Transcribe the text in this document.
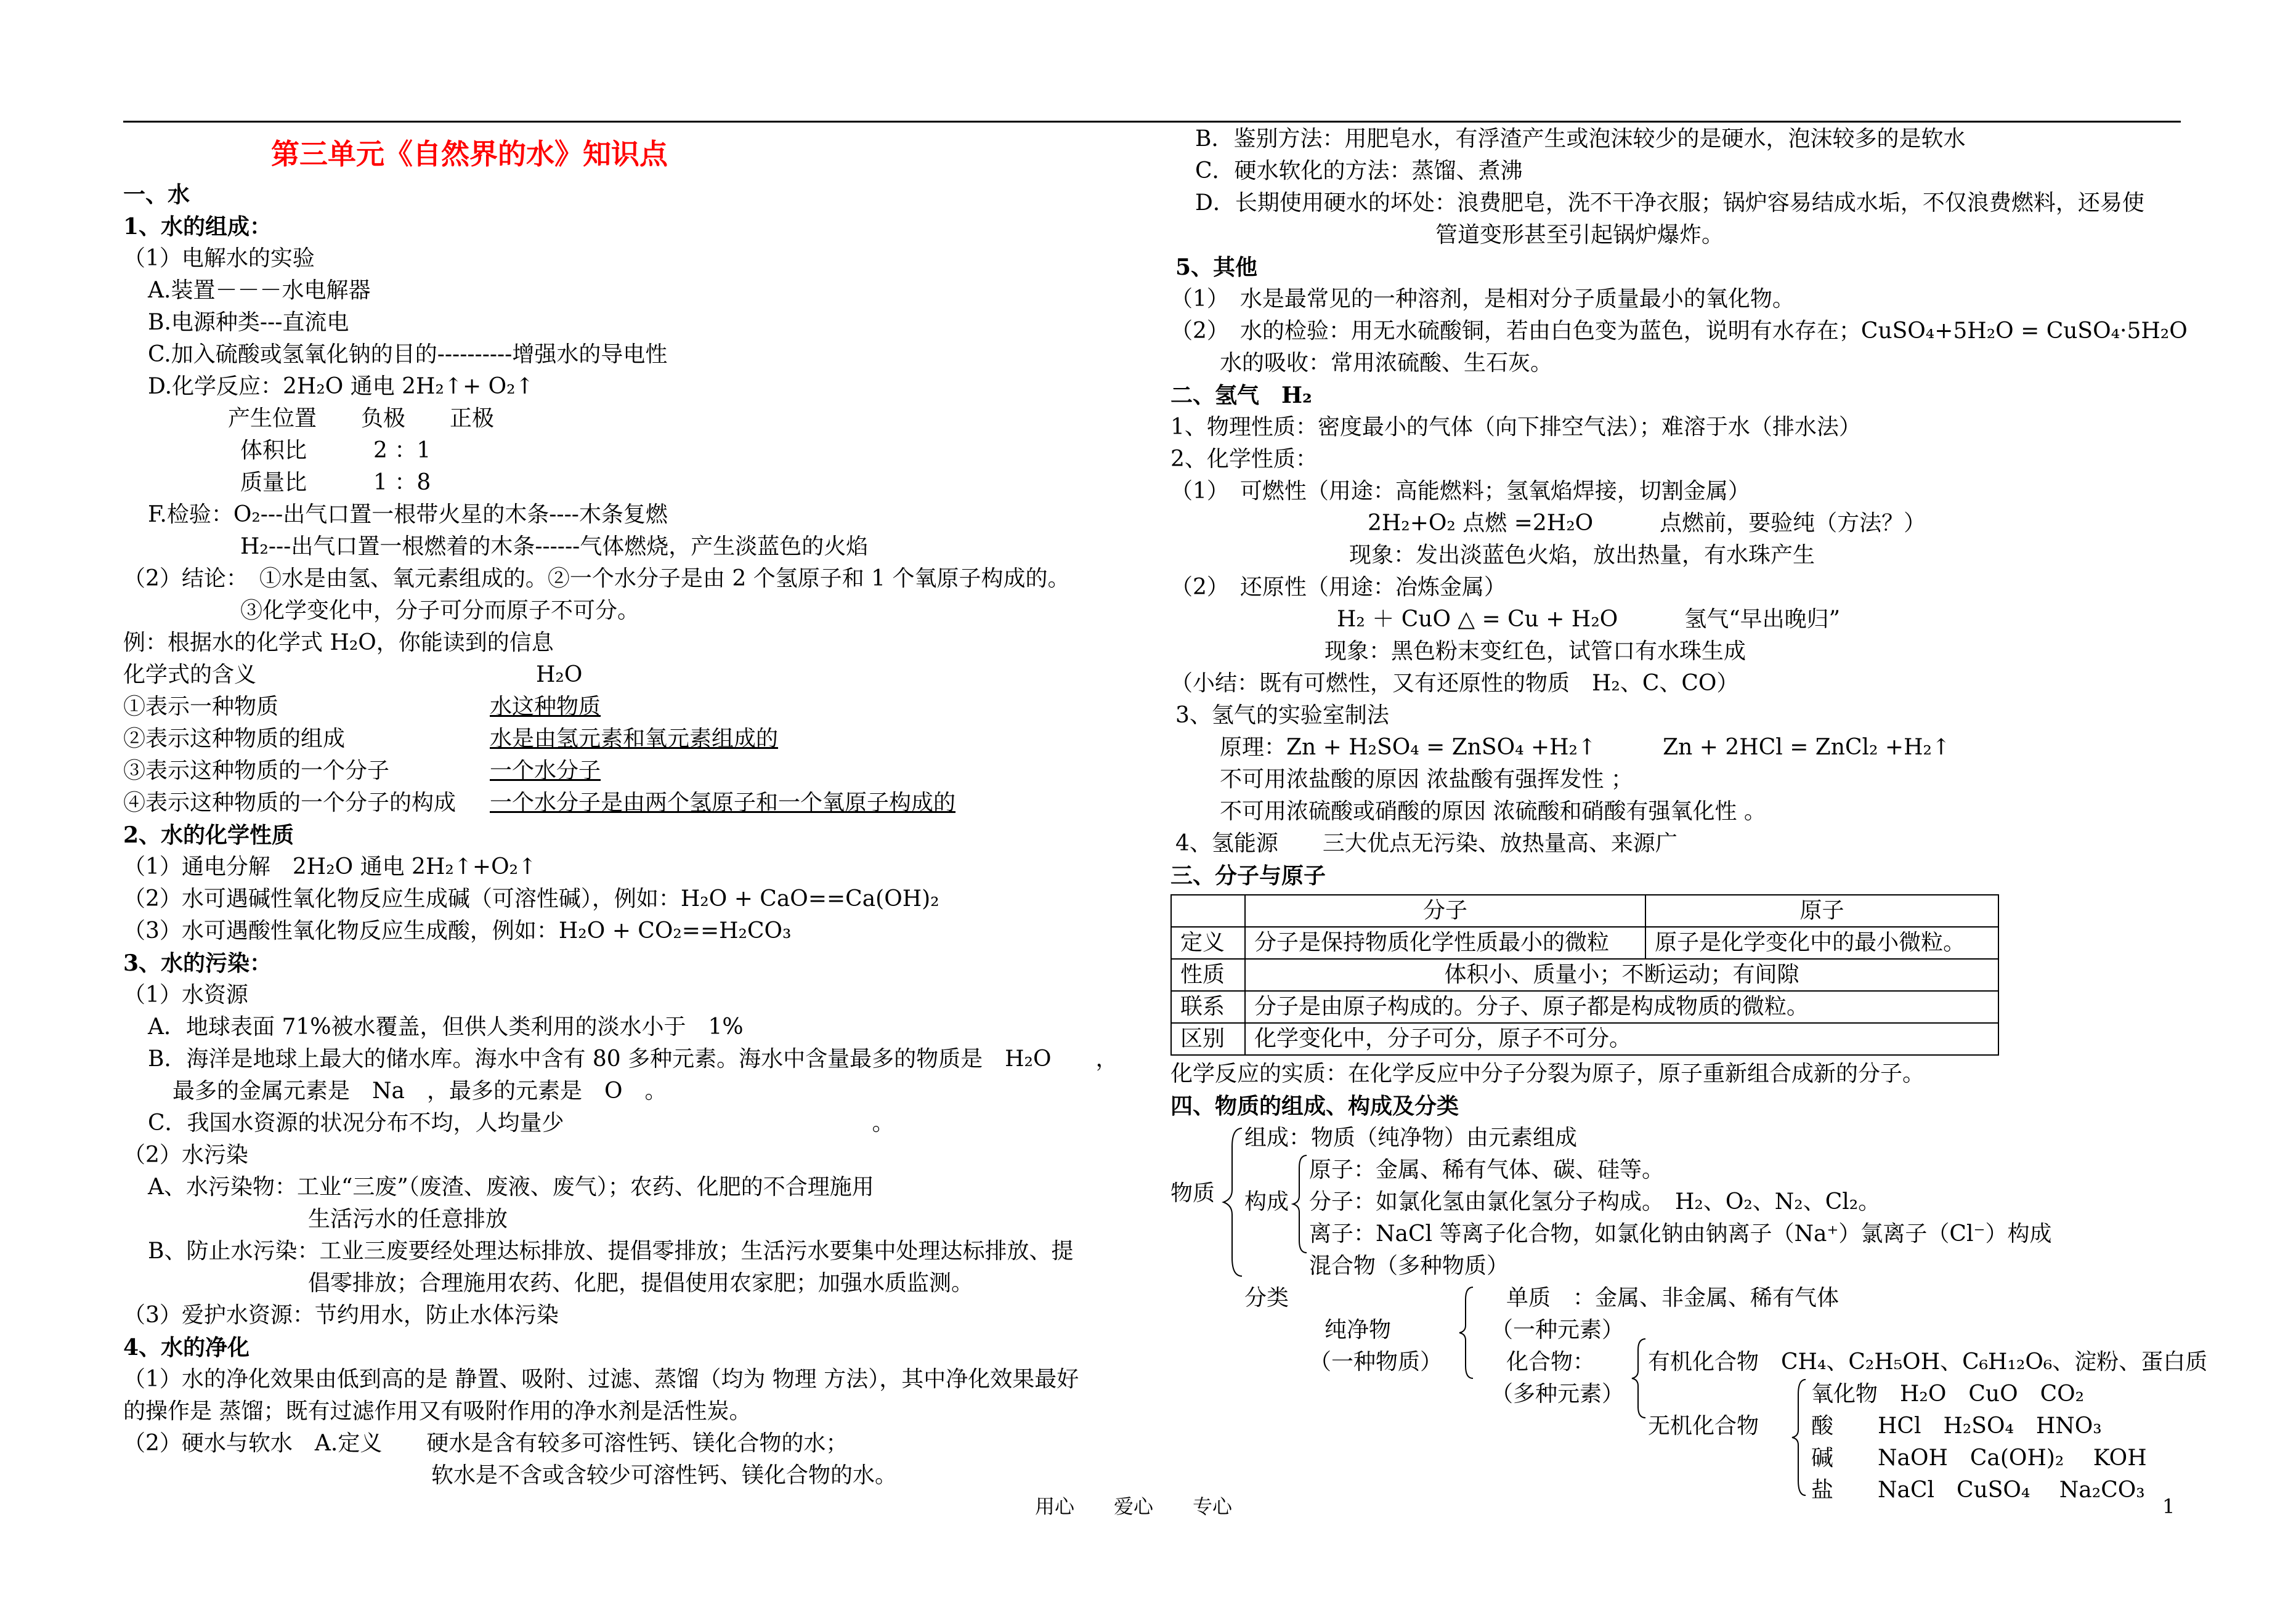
第三单元《自然界的水》知识点
一、水
1、水的组成：
（1）电解水的实验
A.装置－－－水电解器
B.电源种类---直流电
C.加入硫酸或氢氧化钠的目的----------增强水的导电性
D.化学反应：2H₂O 通电 2H₂↑+ O₂↑
产生位置　　负极　　正极
体积比　　　2 ：1
质量比　　　1 ：8
F.检验：O₂---出气口置一根带火星的木条----木条复燃
H₂---出气口置一根燃着的木条------气体燃烧，产生淡蓝色的火焰
（2）结论：　①水是由氢、氧元素组成的。②一个水分子是由 2 个氢原子和 1 个氧原子构成的。
③化学变化中，分子可分而原子不可分。
例：根据水的化学式 H₂O，你能读到的信息
化学式的含义	H₂O
①表示一种物质	水这种物质
②表示这种物质的组成	水是由氢元素和氧元素组成的
③表示这种物质的一个分子	一个水分子
④表示这种物质的一个分子的构成 一个水分子是由两个氢原子和一个氧原子构成的
2、水的化学性质
（1）通电分解　2H₂O 通电 2H₂↑+O₂↑
（2）水可遇碱性氧化物反应生成碱（可溶性碱），例如：H₂O + CaO==Ca(OH)₂
（3）水可遇酸性氧化物反应生成酸，例如：H₂O + CO₂==H₂CO₃
3、水的污染：
（1）水资源
A．地球表面 71%被水覆盖，但供人类利用的淡水小于　1%　
B．海洋是地球上最大的储水库。海水中含有 80 多种元素。海水中含量最多的物质是　H₂O　　，
最多的金属元素是　Na　，最多的元素是　O　。
C．我国水资源的状况分布不均，人均量少	。
（2）水污染
A、水污染物：工业“三废”（废渣、废液、废气）；农药、化肥的不合理施用
生活污水的任意排放
B、防止水污染：工业三废要经处理达标排放、提倡零排放；生活污水要集中处理达标排放、提
倡零排放；合理施用农药、化肥，提倡使用农家肥；加强水质监测。
（3）爱护水资源：节约用水，防止水体污染
4、水的净化
（1）水的净化效果由低到高的是 静置、吸附、过滤、蒸馏（均为 物理 方法），其中净化效果最好
的操作是 蒸馏；既有过滤作用又有吸附作用的净水剂是活性炭。
（2）硬水与软水　A.定义　　硬水是含有较多可溶性钙、镁化合物的水；
软水是不含或含较少可溶性钙、镁化合物的水。
B．鉴别方法：用肥皂水，有浮渣产生或泡沫较少的是硬水，泡沫较多的是软水
C．硬水软化的方法：蒸馏、煮沸
D．长期使用硬水的坏处：浪费肥皂，洗不干净衣服；锅炉容易结成水垢，不仅浪费燃料，还易使
管道变形甚至引起锅炉爆炸。
5、其他
（1）　水是最常见的一种溶剂，是相对分子质量最小的氧化物。
（2）　水的检验：用无水硫酸铜，若由白色变为蓝色，说明有水存在；CuSO₄+5H₂O = CuSO₄·5H₂O
水的吸收：常用浓硫酸、生石灰。
二、氢气　H₂
1、物理性质：密度最小的气体（向下排空气法）；难溶于水（排水法）
2、化学性质：
（1）　可燃性（用途：高能燃料；氢氧焰焊接，切割金属）
2H₂+O₂ 点燃 =2H₂O　　　点燃前，要验纯（方法？）
现象：发出淡蓝色火焰，放出热量，有水珠产生
（2）　还原性（用途：冶炼金属）
H₂ ＋ CuO △ = Cu + H₂O　　　氢气“早出晚归”
现象：黑色粉末变红色，试管口有水珠生成
（小结：既有可燃性，又有还原性的物质　H₂、C、CO）
3、氢气的实验室制法
原理：Zn + H₂SO₄ = ZnSO₄ +H₂↑　　　Zn + 2HCl = ZnCl₂ +H₂↑
不可用浓盐酸的原因 浓盐酸有强挥发性 ；
不可用浓硫酸或硝酸的原因 浓硫酸和硝酸有强氧化性 。
4、氢能源　　三大优点无污染、放热量高、来源广
三、分子与原子
	分子	原子
定义	分子是保持物质化学性质最小的微粒	原子是化学变化中的最小微粒。
性质	体积小、质量小；不断运动；有间隙	
联系	分子是由原子构成的。分子、原子都是构成物质的微粒。	
区别	化学变化中，分子可分，原子不可分。	
化学反应的实质：在化学反应中分子分裂为原子，原子重新组合成新的分子。
四、物质的组成、构成及分类
物质
组成：物质（纯净物）由元素组成
构成
原子：金属、稀有气体、碳、硅等。
分子：如氯化氢由氯化氢分子构成。　H₂、O₂、N₂、Cl₂。
离子：NaCl 等离子化合物，如氯化钠由钠离子（Na⁺）氯离子（Cl⁻）构成
分类
混合物（多种物质）
纯净物
（一种物质）
单质　：金属、非金属、稀有气体
（一种元素）
化合物：
（多种元素）
有机化合物　CH₄、C₂H₅OH、C₆H₁₂O₆、淀粉、蛋白质
无机化合物
氧化物　H₂O　CuO　CO₂
酸　　HCl　H₂SO₄　HNO₃
碱　　NaOH　Ca(OH)₂　 KOH
盐　　NaCl　CuSO₄　 Na₂CO₃
用心　　爱心　　专心	1
